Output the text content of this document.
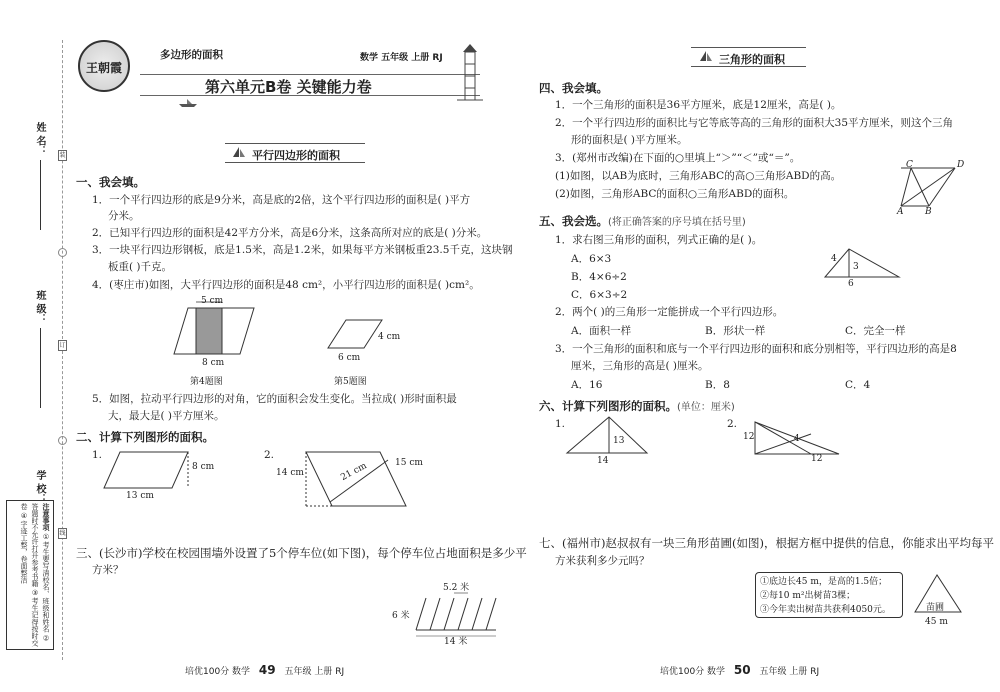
姓 名：
班 级：
学 校：
装
订
线
注意事项 ①考生要写清校名、班级和姓名 ②答题时不允许打开参考书籍 ③考生记得按时交卷 ④字迹工整，卷面整洁
王朝霞
多边形的面积	数学 五年级 上册 RJ
第六单元B卷 关键能力卷
平行四边形的面积
一、我会填。
1．一个平行四边形的底是9分米，高是底的2倍，这个平行四边形的面积是( )平方
分米。
2．已知平行四边形的面积是42平方分米，高是6分米，这条高所对应的底是( )分米。
3．一块平行四边形钢板，底是1.5米，高是1.2米，如果每平方米钢板重23.5千克，这块钢
板重( )千克。
4．(枣庄市)如图，大平行四边形的面积是48 cm²，小平行四边形的面积是( )cm²。
5 cm
8 cm
第4题图
4 cm
6 cm
第5题图
5．如图，拉动平行四边形的对角，它的面积会发生变化。当拉成( )形时面积最
大，最大是( )平方厘米。
二、计算下列图形的面积。
1.
8 cm
13 cm
2.
14 cm	21 cm	15 cm
三、(长沙市)学校在校园围墙外设置了5个停车位(如下图)，每个停车位占地面积是多少平
方米？
5.2 米
6 米
14 米
培优100分 数学 49 五年级 上册 RJ
三角形的面积
四、我会填。
1．一个三角形的面积是36平方厘米，底是12厘米，高是( )。
2．一个平行四边形的面积比与它等底等高的三角形的面积大35平方厘米，则这个三角
形的面积是( )平方厘米。
3．(郑州市改编)在下面的○里填上“＞”“＜”或“＝”。
(1)如图，以AB为底时，三角形ABC的高○三角形ABD的高。
(2)如图，三角形ABC的面积○三角形ABD的面积。
C	D
A B
五、我会选。(将正确答案的序号填在括号里)
1．求右图三角形的面积，列式正确的是( )。
A．6×3
B．4×6÷2
C．6×3÷2
4
3
6
2．两个( )的三角形一定能拼成一个平行四边形。
A．面积一样	B．形状一样	C．完全一样
3．一个三角形的面积和底与一个平行四边形的面积和底分别相等，平行四边形的高是8
厘米，三角形的高是( )厘米。
A．16	B．8	C．4
六、计算下列图形的面积。(单位：厘米)
1.
13
14
2.
12	4
12
七、(福州市)赵叔叔有一块三角形苗圃(如图)，根据方框中提供的信息，你能求出平均每平
方米获利多少元吗？
①底边长45 m，是高的1.5倍；
②每10 m²出树苗3棵；
③今年卖出树苗共获利4050元。	苗圃
45 m
培优100分 数学 50 五年级 上册 RJ
